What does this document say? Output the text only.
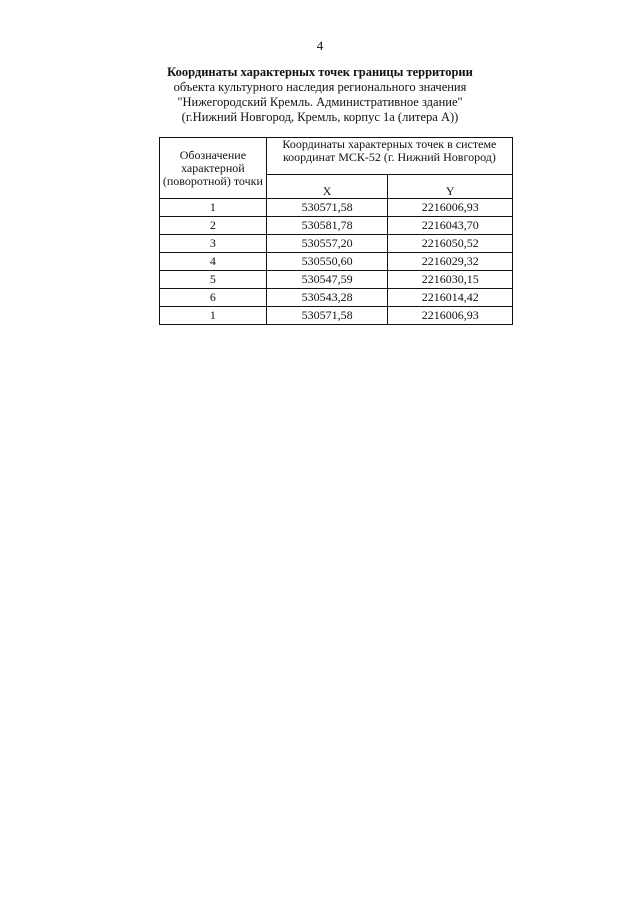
4
Координаты характерных точек границы территории
объекта культурного наследия регионального значения
"Нижегородский Кремль. Административное здание"
(г.Нижний Новгород, Кремль, корпус 1а (литера А))
Обозначение характерной (поворотной) точки	Координаты характерных точек в системе координат МСК-52 (г. Нижний Новгород)	
	X	Y
1	530571,58	2216006,93
2	530581,78	2216043,70
3	530557,20	2216050,52
4	530550,60	2216029,32
5	530547,59	2216030,15
6	530543,28	2216014,42
1	530571,58	2216006,93
